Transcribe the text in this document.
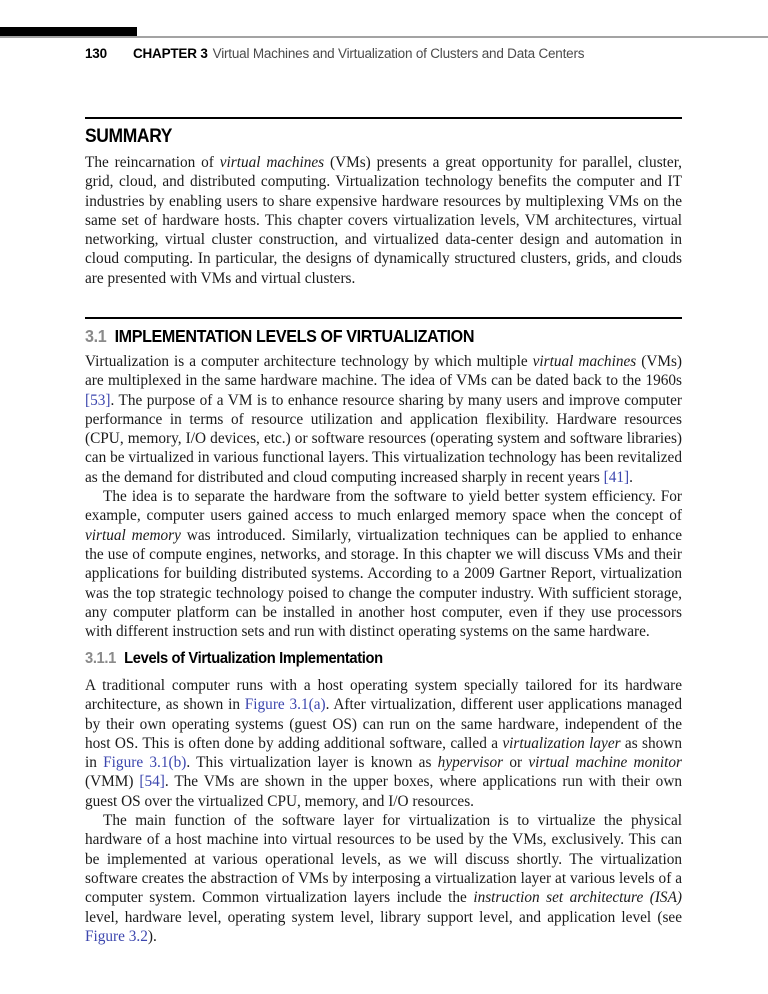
130 CHAPTER 3 Virtual Machines and Virtualization of Clusters and Data Centers
SUMMARY

The reincarnation of virtual machines (VMs) presents a great opportunity for parallel, cluster, grid, cloud, and distributed computing. Virtualization technology benefits the computer and IT industries by enabling users to share expensive hardware resources by multiplexing VMs on the same set of hardware hosts. This chapter covers virtualization levels, VM architectures, virtual networking, virtual cluster construction, and virtualized data-center design and automation in cloud computing. In particular, the designs of dynamically structured clusters, grids, and clouds are presented with VMs and virtual clusters.

3.1 IMPLEMENTATION LEVELS OF VIRTUALIZATION

Virtualization is a computer architecture technology by which multiple virtual machines (VMs) are multiplexed in the same hardware machine. The idea of VMs can be dated back to the 1960s [53]. The purpose of a VM is to enhance resource sharing by many users and improve computer performance in terms of resource utilization and application flexibility. Hardware resources (CPU, memory, I/O devices, etc.) or software resources (operating system and software libraries) can be virtualized in various functional layers. This virtualization technology has been revitalized as the demand for distributed and cloud computing increased sharply in recent years [41].

The idea is to separate the hardware from the software to yield better system efficiency. For example, computer users gained access to much enlarged memory space when the concept of virtual memory was introduced. Similarly, virtualization techniques can be applied to enhance the use of compute engines, networks, and storage. In this chapter we will discuss VMs and their applications for building distributed systems. According to a 2009 Gartner Report, virtualization was the top strategic technology poised to change the computer industry. With sufficient storage, any computer platform can be installed in another host computer, even if they use processors with different instruction sets and run with distinct operating systems on the same hardware.

3.1.1 Levels of Virtualization Implementation

A traditional computer runs with a host operating system specially tailored for its hardware architecture, as shown in Figure 3.1(a). After virtualization, different user applications managed by their own operating systems (guest OS) can run on the same hardware, independent of the host OS. This is often done by adding additional software, called a virtualization layer as shown in Figure 3.1(b). This virtualization layer is known as hypervisor or virtual machine monitor (VMM) [54]. The VMs are shown in the upper boxes, where applications run with their own guest OS over the virtualized CPU, memory, and I/O resources.

The main function of the software layer for virtualization is to virtualize the physical hardware of a host machine into virtual resources to be used by the VMs, exclusively. This can be implemented at various operational levels, as we will discuss shortly. The virtualization software creates the abstraction of VMs by interposing a virtualization layer at various levels of a computer system. Common virtualization layers include the instruction set architecture (ISA) level, hardware level, operating system level, library support level, and application level (see Figure 3.2).
